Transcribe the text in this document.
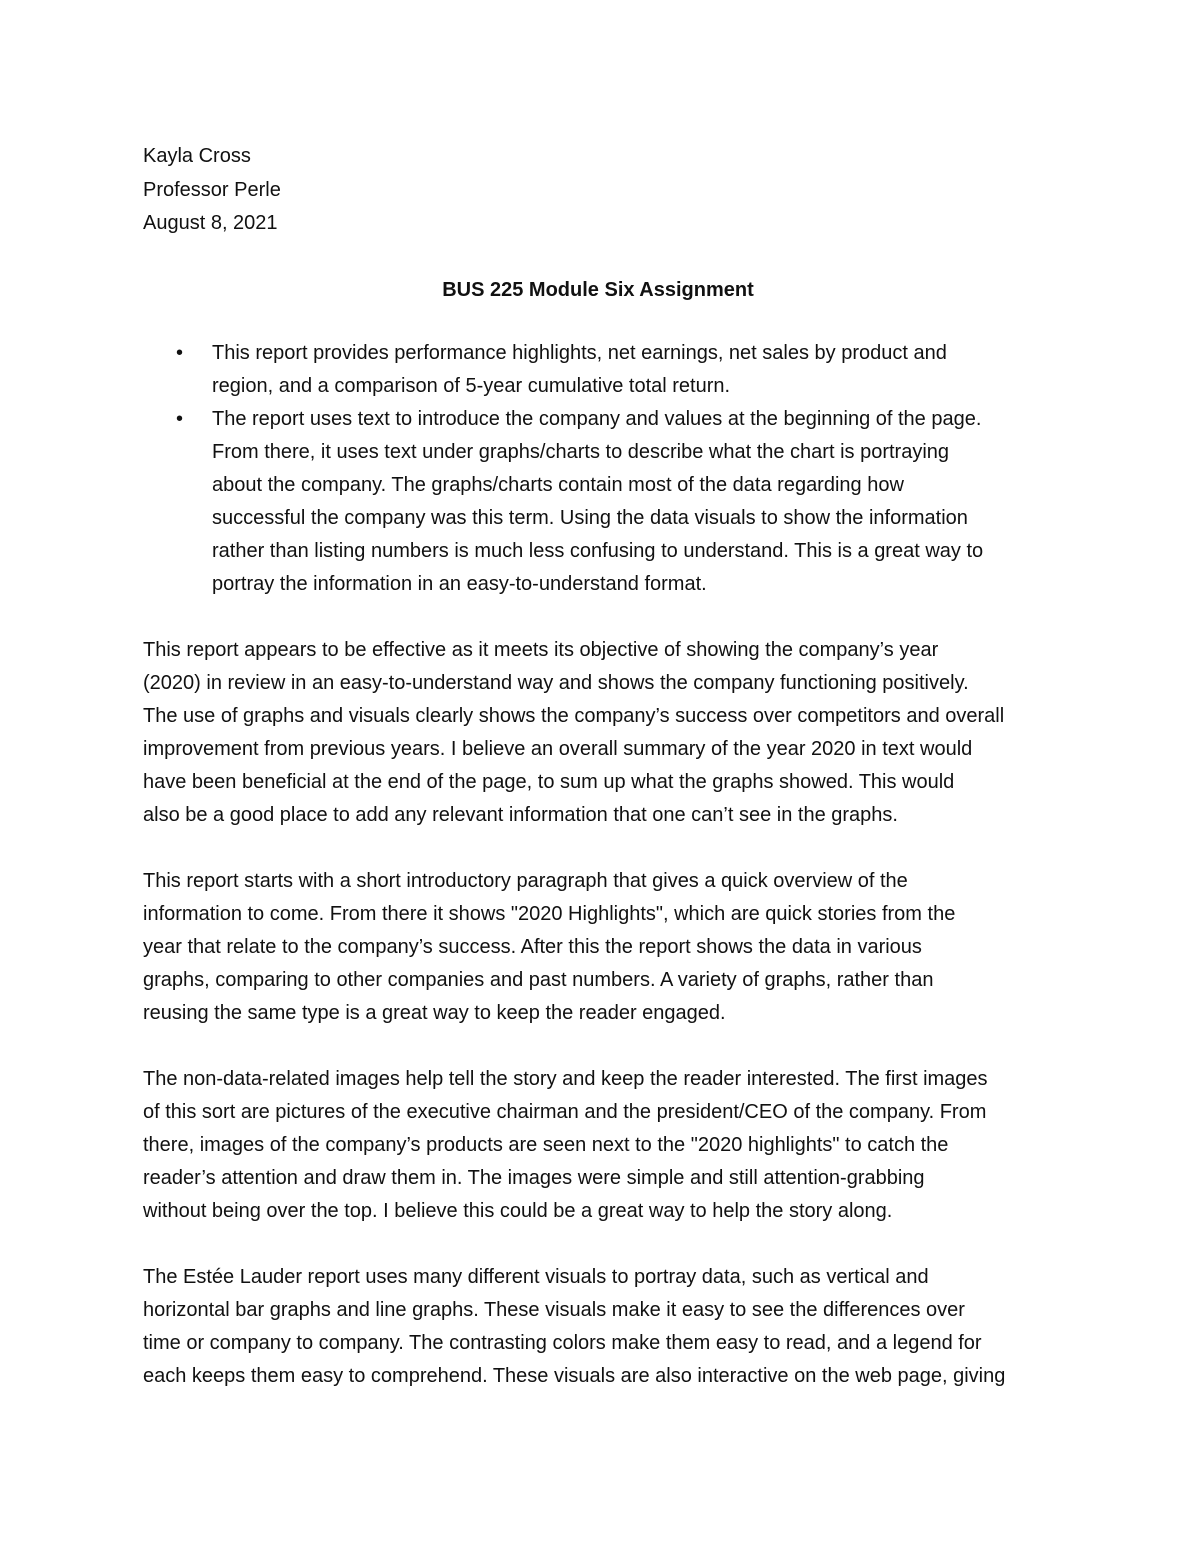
Kayla Cross
Professor Perle
August 8, 2021
BUS 225 Module Six Assignment
• This report provides performance highlights, net earnings, net sales by product and
region, and a comparison of 5-year cumulative total return.
• The report uses text to introduce the company and values at the beginning of the page.
From there, it uses text under graphs/charts to describe what the chart is portraying
about the company. The graphs/charts contain most of the data regarding how
successful the company was this term. Using the data visuals to show the information
rather than listing numbers is much less confusing to understand. This is a great way to
portray the information in an easy-to-understand format.
This report appears to be effective as it meets its objective of showing the company’s year
(2020) in review in an easy-to-understand way and shows the company functioning positively.
The use of graphs and visuals clearly shows the company’s success over competitors and overall
improvement from previous years. I believe an overall summary of the year 2020 in text would
have been beneficial at the end of the page, to sum up what the graphs showed. This would
also be a good place to add any relevant information that one can’t see in the graphs.
This report starts with a short introductory paragraph that gives a quick overview of the
information to come. From there it shows "2020 Highlights", which are quick stories from the
year that relate to the company’s success. After this the report shows the data in various
graphs, comparing to other companies and past numbers. A variety of graphs, rather than
reusing the same type is a great way to keep the reader engaged.
The non-data-related images help tell the story and keep the reader interested. The first images
of this sort are pictures of the executive chairman and the president/CEO of the company. From
there, images of the company’s products are seen next to the "2020 highlights" to catch the
reader’s attention and draw them in. The images were simple and still attention-grabbing
without being over the top. I believe this could be a great way to help the story along.
The Estée Lauder report uses many different visuals to portray data, such as vertical and
horizontal bar graphs and line graphs. These visuals make it easy to see the differences over
time or company to company. The contrasting colors make them easy to read, and a legend for
each keeps them easy to comprehend. These visuals are also interactive on the web page, giving
